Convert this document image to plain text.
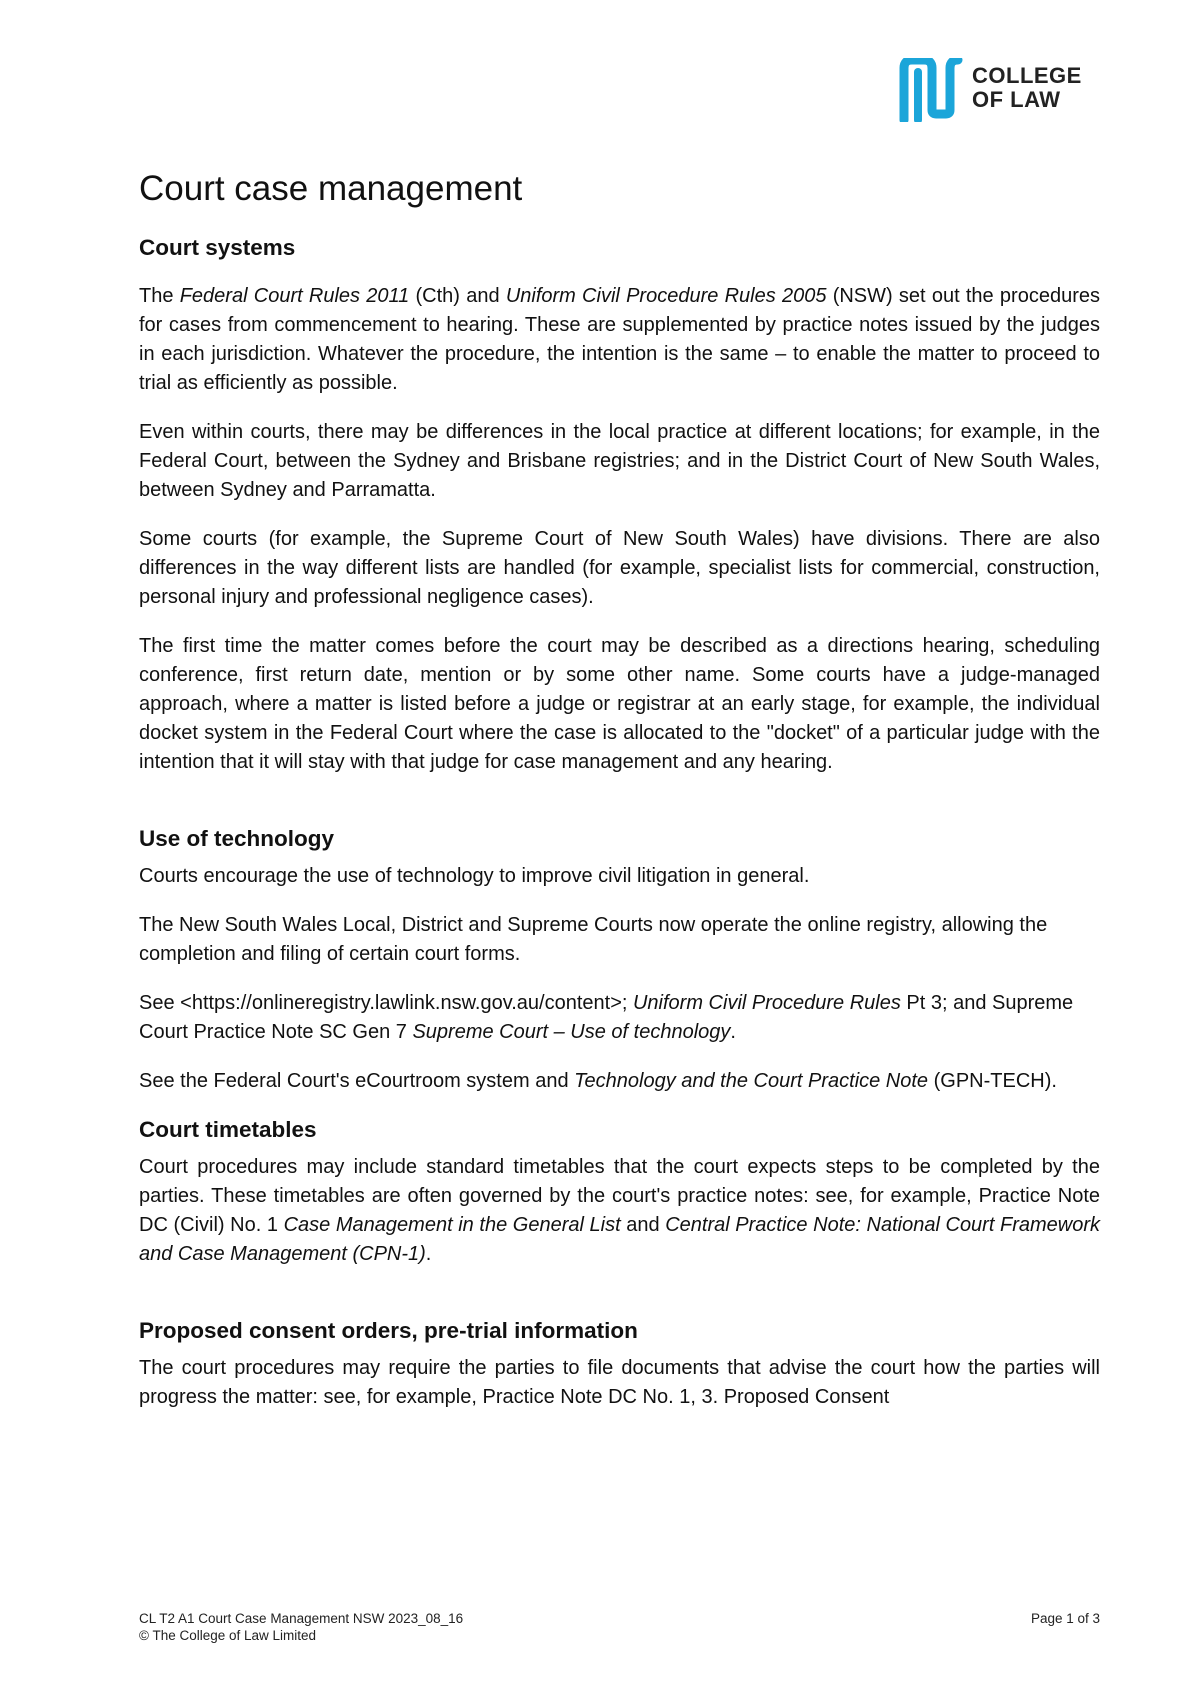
COLLEGE
OF LAW
Court case management
Court systems

The Federal Court Rules 2011 (Cth) and Uniform Civil Procedure Rules 2005 (NSW) set out the procedures for cases from commencement to hearing. These are supplemented by practice notes issued by the judges in each jurisdiction. Whatever the procedure, the intention is the same – to enable the matter to proceed to trial as efficiently as possible.

Even within courts, there may be differences in the local practice at different locations; for example, in the Federal Court, between the Sydney and Brisbane registries; and in the District Court of New South Wales, between Sydney and Parramatta.

Some courts (for example, the Supreme Court of New South Wales) have divisions. There are also differences in the way different lists are handled (for example, specialist lists for commercial, construction, personal injury and professional negligence cases).

The first time the matter comes before the court may be described as a directions hearing, scheduling conference, first return date, mention or by some other name. Some courts have a judge-managed approach, where a matter is listed before a judge or registrar at an early stage, for example, the individual docket system in the Federal Court where the case is allocated to the "docket" of a particular judge with the intention that it will stay with that judge for case management and any hearing.

Use of technology

Courts encourage the use of technology to improve civil litigation in general.

The New South Wales Local, District and Supreme Courts now operate the online registry, allowing the completion and filing of certain court forms.

See <https://onlineregistry.lawlink.nsw.gov.au/content>; Uniform Civil Procedure Rules Pt 3; and Supreme Court Practice Note SC Gen 7 Supreme Court – Use of technology.

See the Federal Court's eCourtroom system and Technology and the Court Practice Note (GPN-TECH).

Court timetables

Court procedures may include standard timetables that the court expects steps to be completed by the parties. These timetables are often governed by the court's practice notes: see, for example, Practice Note DC (Civil) No. 1 Case Management in the General List and Central Practice Note: National Court Framework and Case Management (CPN-1).

Proposed consent orders, pre-trial information

The court procedures may require the parties to file documents that advise the court how the parties will progress the matter: see, for example, Practice Note DC No. 1, 3. Proposed Consent

CL T2 A1 Court Case Management NSW 2023_08_16
© The College of Law Limited
Page 1 of 3
